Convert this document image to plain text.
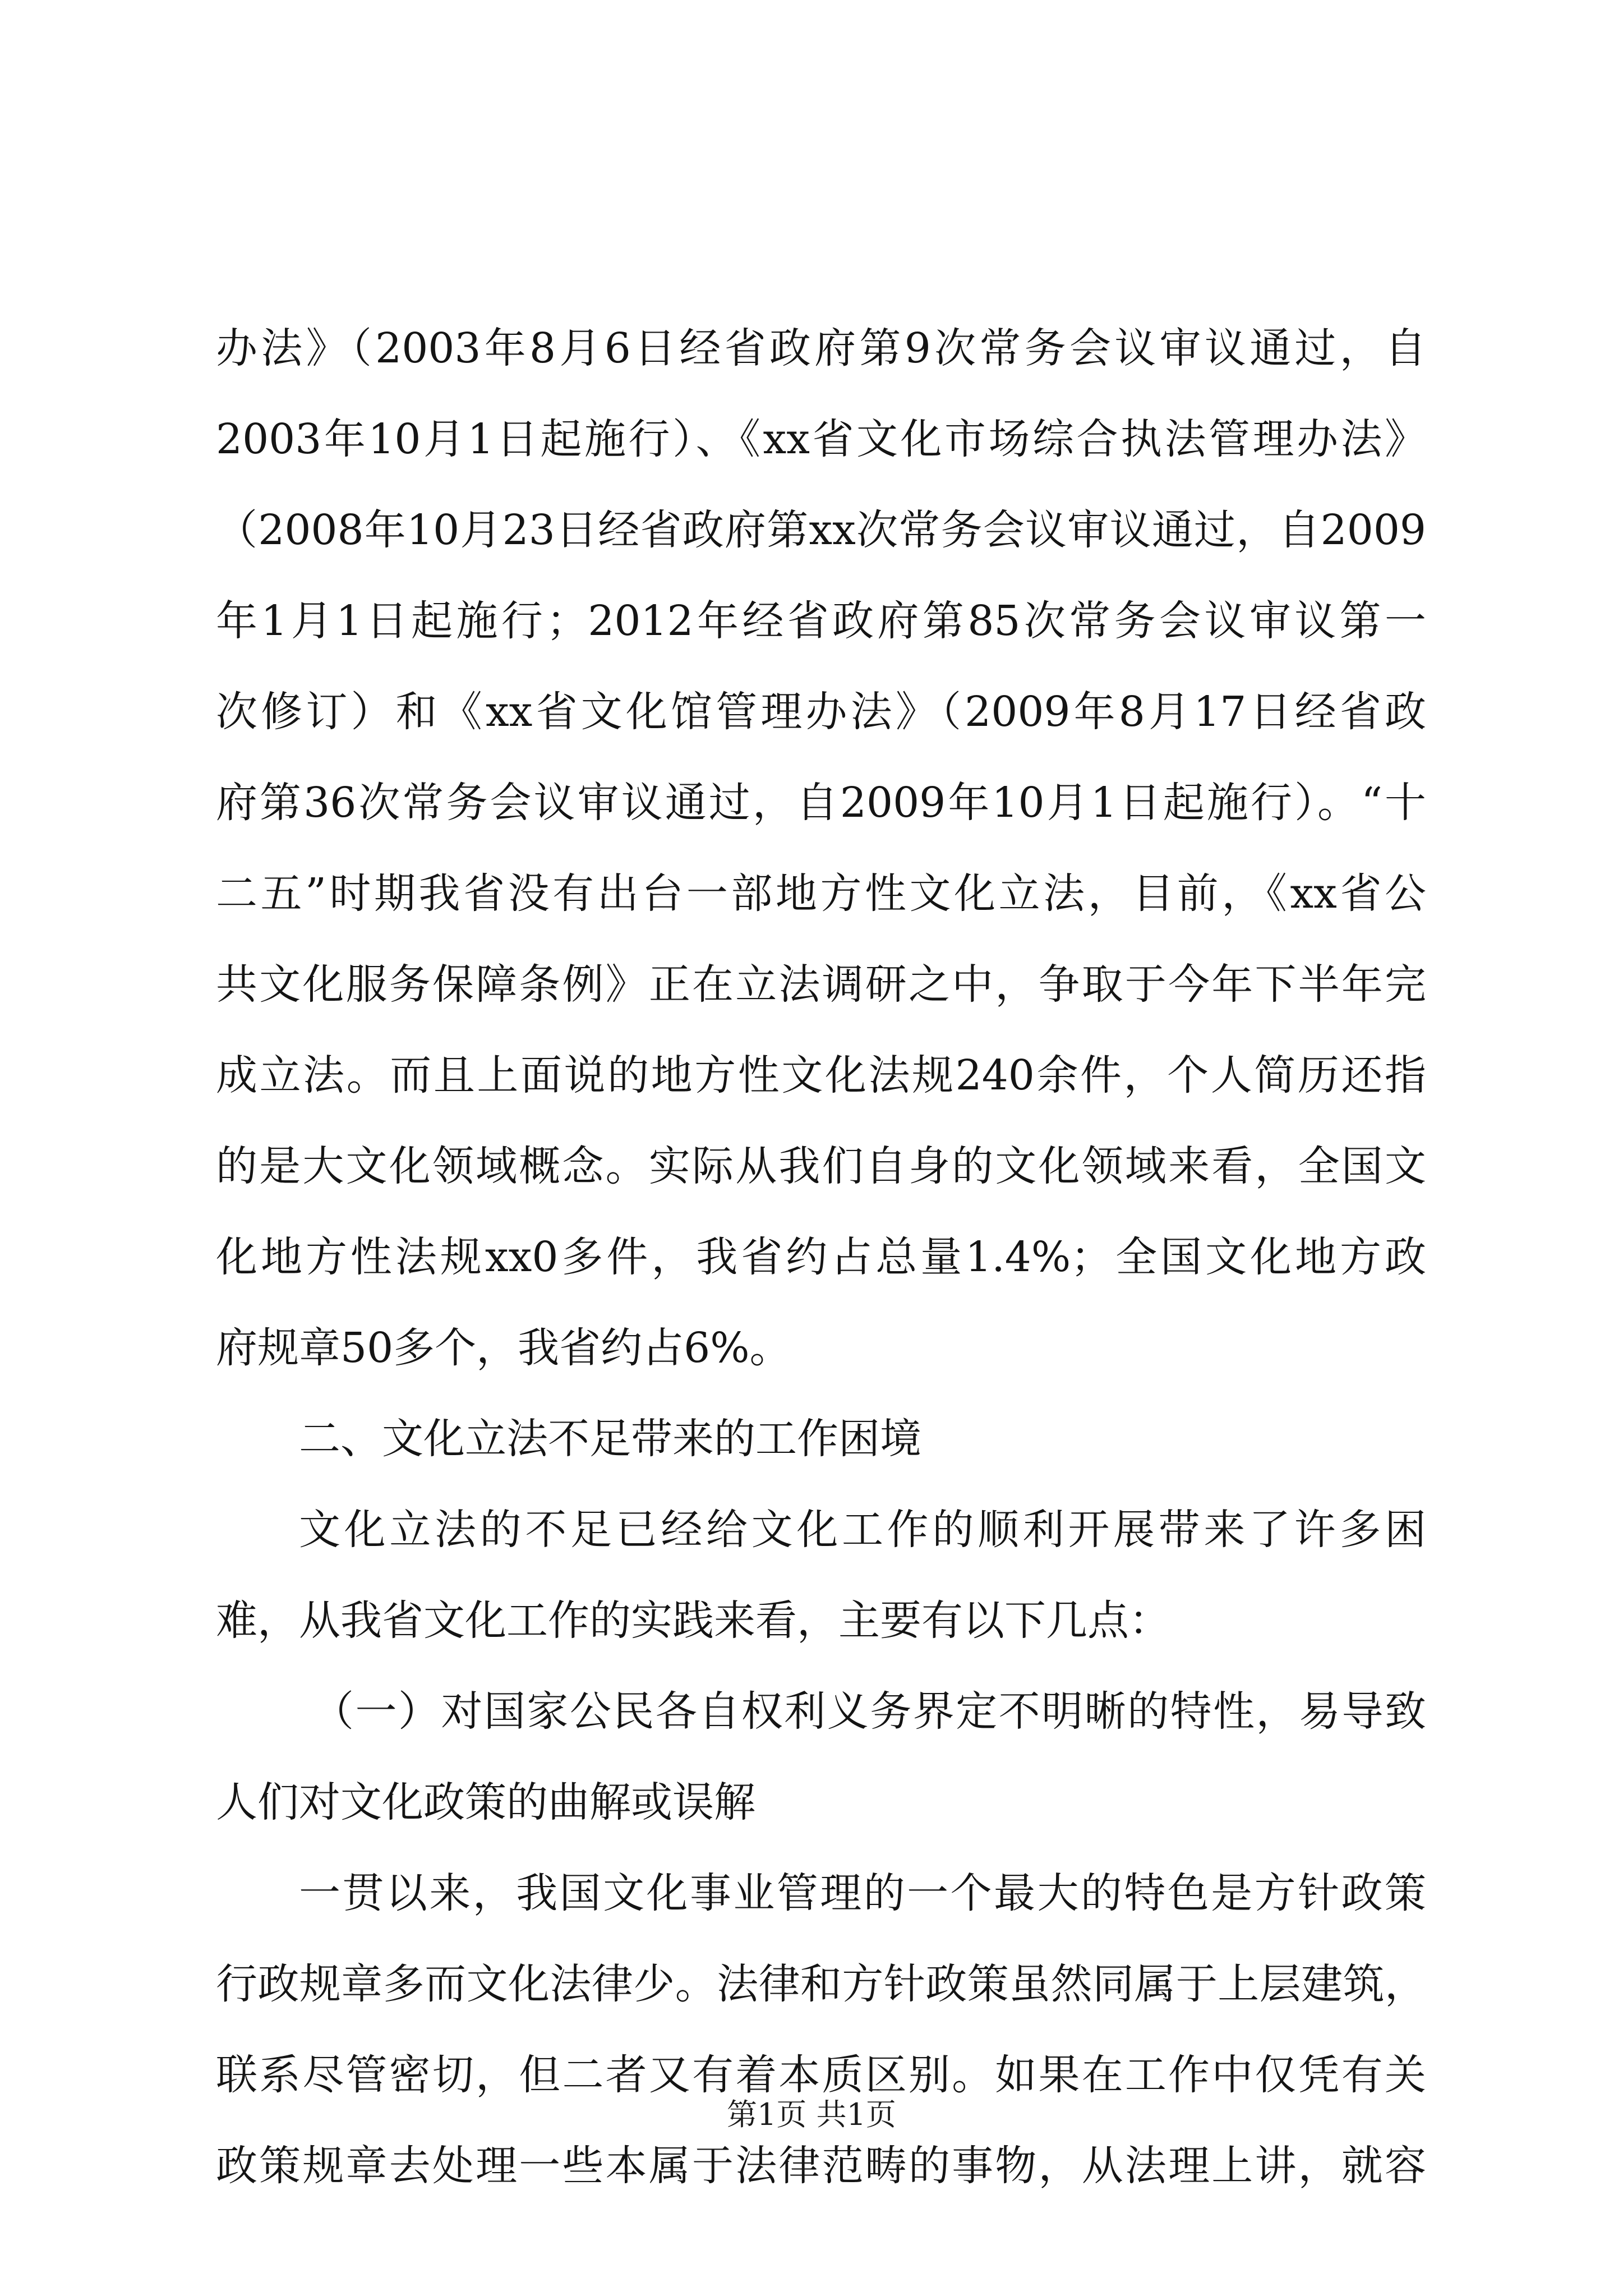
办法》（2003年8月6日经省政府第9次常务会议审议通过，自
2003年10月1日起施行）、《xx省文化市场综合执法管理办法》
（2008年10月23日经省政府第xx次常务会议审议通过，自2009
年1月1日起施行；2012年经省政府第85次常务会议审议第一
次修订）和《xx省文化馆管理办法》（2009年8月17日经省政
府第36次常务会议审议通过，自2009年10月1日起施行）。“十
二五”时期我省没有出台一部地方性文化立法，目前，《xx省公
共文化服务保障条例》正在立法调研之中，争取于今年下半年完
成立法。而且上面说的地方性文化法规240余件，个人简历还指
的是大文化领域概念。实际从我们自身的文化领域来看，全国文
化地方性法规xx0多件，我省约占总量1.4%；全国文化地方政
府规章50多个，我省约占6%。
二、文化立法不足带来的工作困境
文化立法的不足已经给文化工作的顺利开展带来了许多困
难，从我省文化工作的实践来看，主要有以下几点：
（一）对国家公民各自权利义务界定不明晰的特性，易导致
人们对文化政策的曲解或误解
一贯以来，我国文化事业管理的一个最大的特色是方针政策
行政规章多而文化法律少。法律和方针政策虽然同属于上层建筑，
联系尽管密切，但二者又有着本质区别。如果在工作中仅凭有关
政策规章去处理一些本属于法律范畴的事物，从法理上讲，就容
第1页 共1页
